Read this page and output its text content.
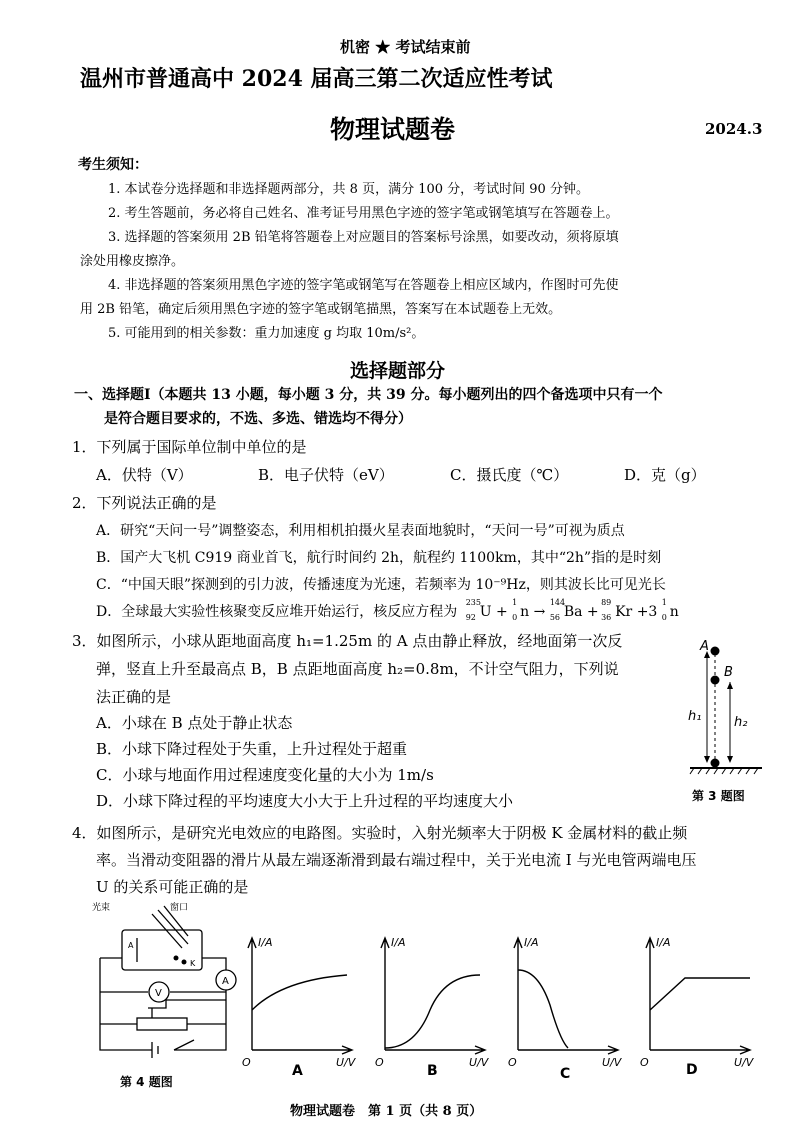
机密 ★ 考试结束前
温州市普通高中 2024 届高三第二次适应性考试
物理试题卷	2024.3
考生须知：
1. 本试卷分选择题和非选择题两部分，共 8 页，满分 100 分，考试时间 90 分钟。
2. 考生答题前，务必将自己姓名、准考证号用黑色字迹的签字笔或钢笔填写在答题卷上。
3. 选择题的答案须用 2B 铅笔将答题卷上对应题目的答案标号涂黑，如要改动，须将原填
涂处用橡皮擦净。
4. 非选择题的答案须用黑色字迹的签字笔或钢笔写在答题卷上相应区域内，作图时可先使
用 2B 铅笔，确定后须用黑色字迹的签字笔或钢笔描黑，答案写在本试题卷上无效。
5. 可能用到的相关参数：重力加速度 g 均取 10m/s²。
选择题部分
一、选择题Ⅰ（本题共 13 小题，每小题 3 分，共 39 分。每小题列出的四个备选项中只有一个
是符合题目要求的，不选、多选、错选均不得分）
1．下列属于国际单位制中单位的是
A．伏特（V）	B．电子伏特（eV）	C．摄氏度（℃）	D．克（g）
2．下列说法正确的是
A．研究“天问一号”调整姿态，利用相机拍摄火星表面地貌时，“天问一号”可视为质点
B．国产大飞机 C919 商业首飞，航行时间约 2h，航程约 1100km，其中“2h”指的是时刻
C．“中国天眼”探测到的引力波，传播速度为光速，若频率为 10⁻⁹Hz，则其波长比可见光长
D．全球最大实验性核聚变反应堆开始运行，核反应方程为
235
92 U +
1
0 n →
144
56 Ba +
89
36 Kr +3
1
0 n
3．如图所示，小球从距地面高度 h₁=1.25m 的 A 点由静止释放，经地面第一次反
弹，竖直上升至最高点 B，B 点距地面高度 h₂=0.8m，不计空气阻力，下列说
法正确的是
A．小球在 B 点处于静止状态
B．小球下降过程处于失重，上升过程处于超重
C．小球与地面作用过程速度变化量的大小为 1m/s
D．小球下降过程的平均速度大小大于上升过程的平均速度大小
A
B
h₁	h₂
第 3 题图
4．如图所示，是研究光电效应的电路图。实验时，入射光频率大于阴极 K 金属材料的截止频
率。当滑动变阻器的滑片从最左端逐渐滑到最右端过程中，关于光电流 I 与光电管两端电压
U 的关系可能正确的是
光束	窗口
A
K
A
V
第 4 题图
I/A
U/V
O
A
I/A
U/V
O
B
I/A
U/V
O
C
I/A
U/V
O	D
物理试题卷　第 1 页（共 8 页）
